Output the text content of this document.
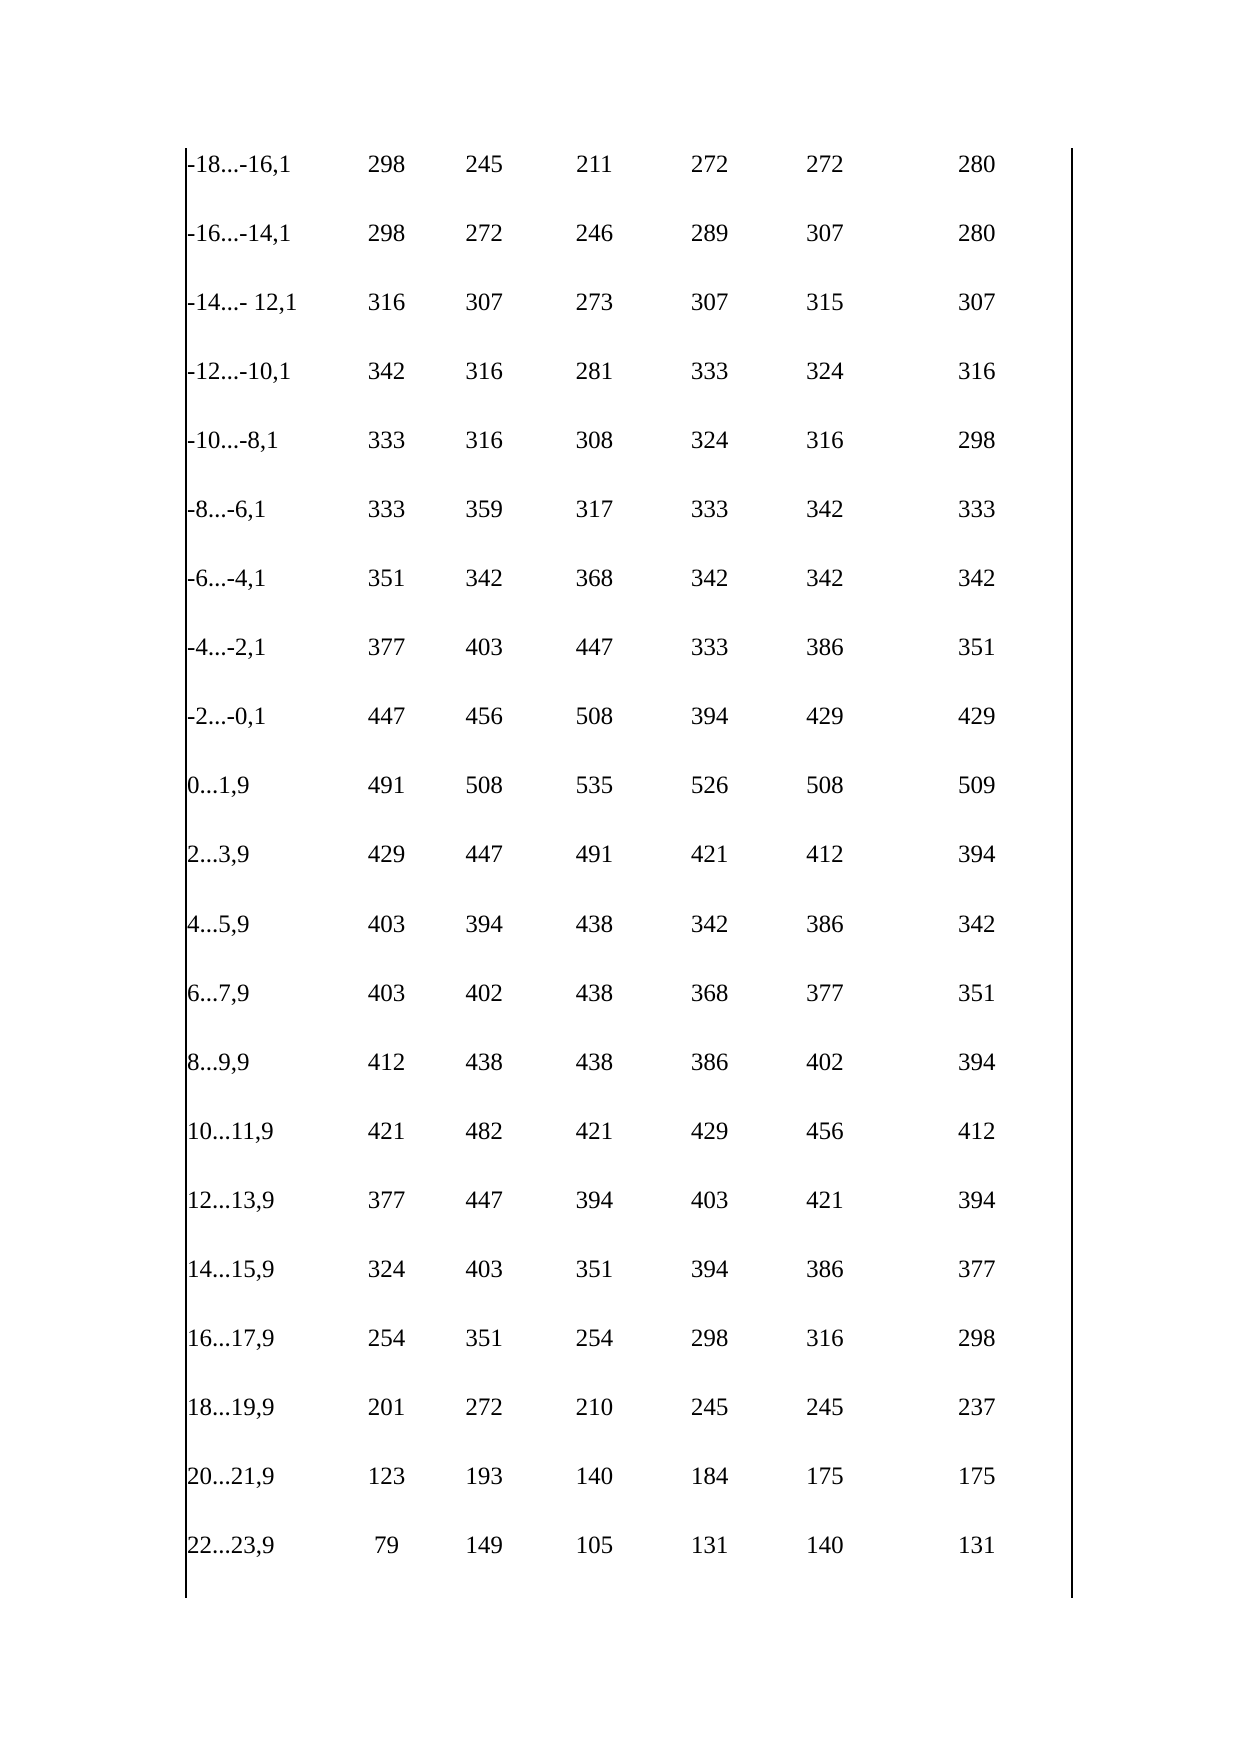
-18...-16,1	298	245	211	272	272	280
-16...-14,1	298	272	246	289	307	280
-14...- 12,1	316	307	273	307	315	307
-12...-10,1	342	316	281	333	324	316
-10...-8,1	333	316	308	324	316	298
-8...-6,1	333	359	317	333	342	333
-6...-4,1	351	342	368	342	342	342
-4...-2,1	377	403	447	333	386	351
-2...-0,1	447	456	508	394	429	429
0...1,9	491	508	535	526	508	509
2...3,9	429	447	491	421	412	394
4...5,9	403	394	438	342	386	342
6...7,9	403	402	438	368	377	351
8...9,9	412	438	438	386	402	394
10...11,9	421	482	421	429	456	412
12...13,9	377	447	394	403	421	394
14...15,9	324	403	351	394	386	377
16...17,9	254	351	254	298	316	298
18...19,9	201	272	210	245	245	237
20...21,9	123	193	140	184	175	175
22...23,9	79	149	105	131	140	131
